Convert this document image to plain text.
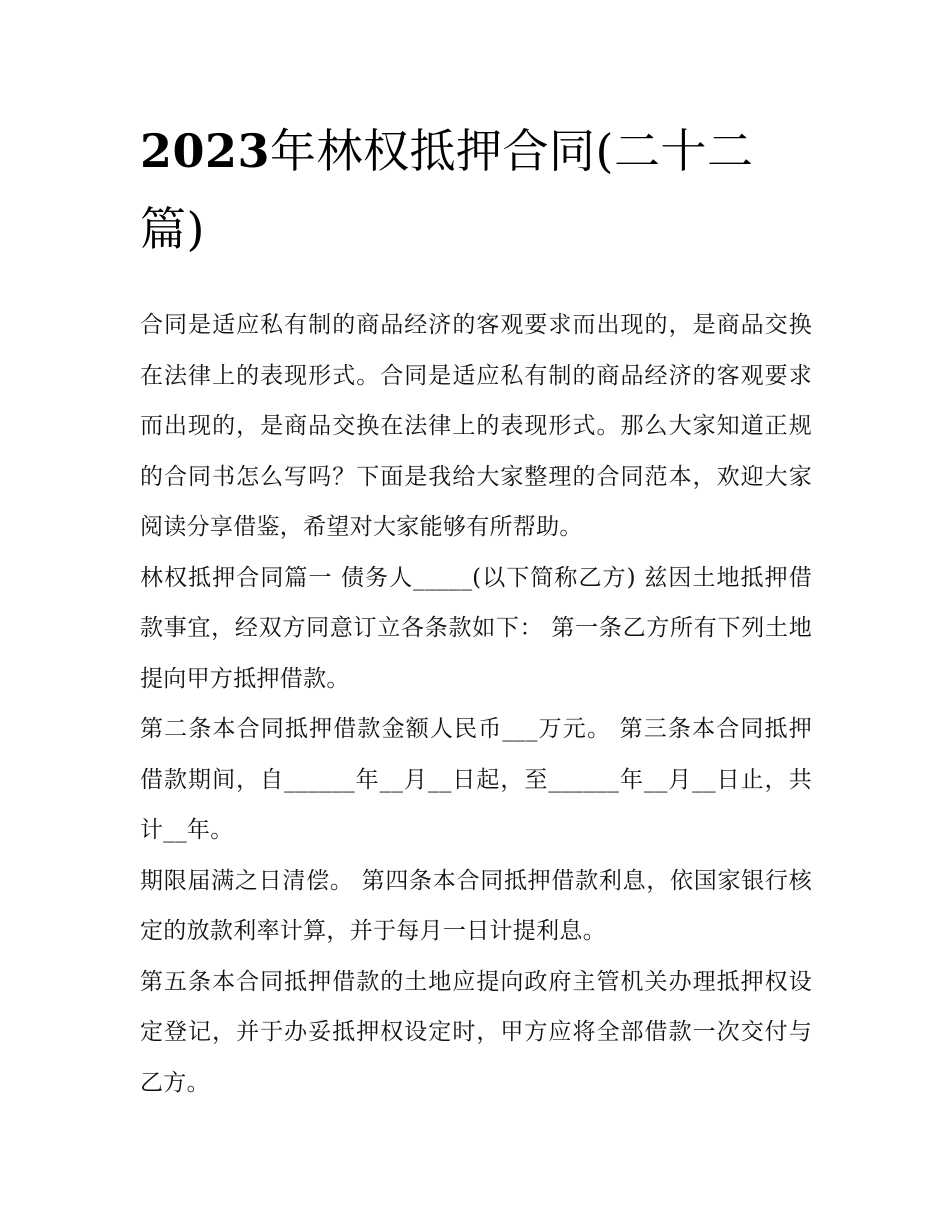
2023年林权抵押合同(二十二篇)

合同是适应私有制的商品经济的客观要求而出现的，是商品交换在法律上的表现形式。合同是适应私有制的商品经济的客观要求而出现的，是商品交换在法律上的表现形式。那么大家知道正规的合同书怎么写吗？下面是我给大家整理的合同范本，欢迎大家阅读分享借鉴，希望对大家能够有所帮助。

林权抵押合同篇一 债务人_____(以下简称乙方) 兹因土地抵押借款事宜，经双方同意订立各条款如下： 第一条乙方所有下列土地提向甲方抵押借款。

第二条本合同抵押借款金额人民币___万元。 第三条本合同抵押借款期间，自______年__月__日起，至______年__月__日止，共计__年。

期限届满之日清偿。 第四条本合同抵押借款利息，依国家银行核定的放款利率计算，并于每月一日计提利息。

第五条本合同抵押借款的土地应提向政府主管机关办理抵押权设定登记，并于办妥抵押权设定时，甲方应将全部借款一次交付与乙方。
